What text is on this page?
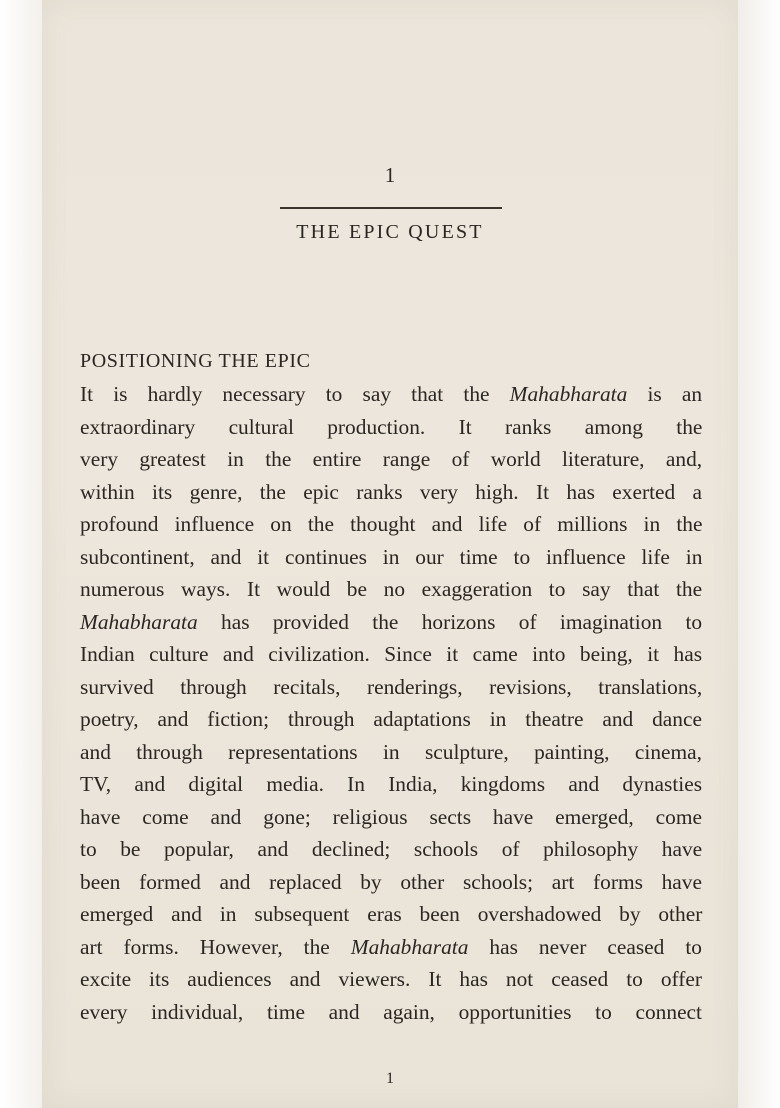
1
THE EPIC QUEST
POSITIONING THE EPIC
It is hardly necessary to say that the Mahabharata is an
extraordinary cultural production. It ranks among the
very greatest in the entire range of world literature, and,
within its genre, the epic ranks very high. It has exerted a
profound influence on the thought and life of millions in the
subcontinent, and it continues in our time to influence life in
numerous ways. It would be no exaggeration to say that the
Mahabharata has provided the horizons of imagination to
Indian culture and civilization. Since it came into being, it has
survived through recitals, renderings, revisions, translations,
poetry, and fiction; through adaptations in theatre and dance
and through representations in sculpture, painting, cinema,
TV, and digital media. In India, kingdoms and dynasties
have come and gone; religious sects have emerged, come
to be popular, and declined; schools of philosophy have
been formed and replaced by other schools; art forms have
emerged and in subsequent eras been overshadowed by other
art forms. However, the Mahabharata has never ceased to
excite its audiences and viewers. It has not ceased to offer
every individual, time and again, opportunities to connect
1
